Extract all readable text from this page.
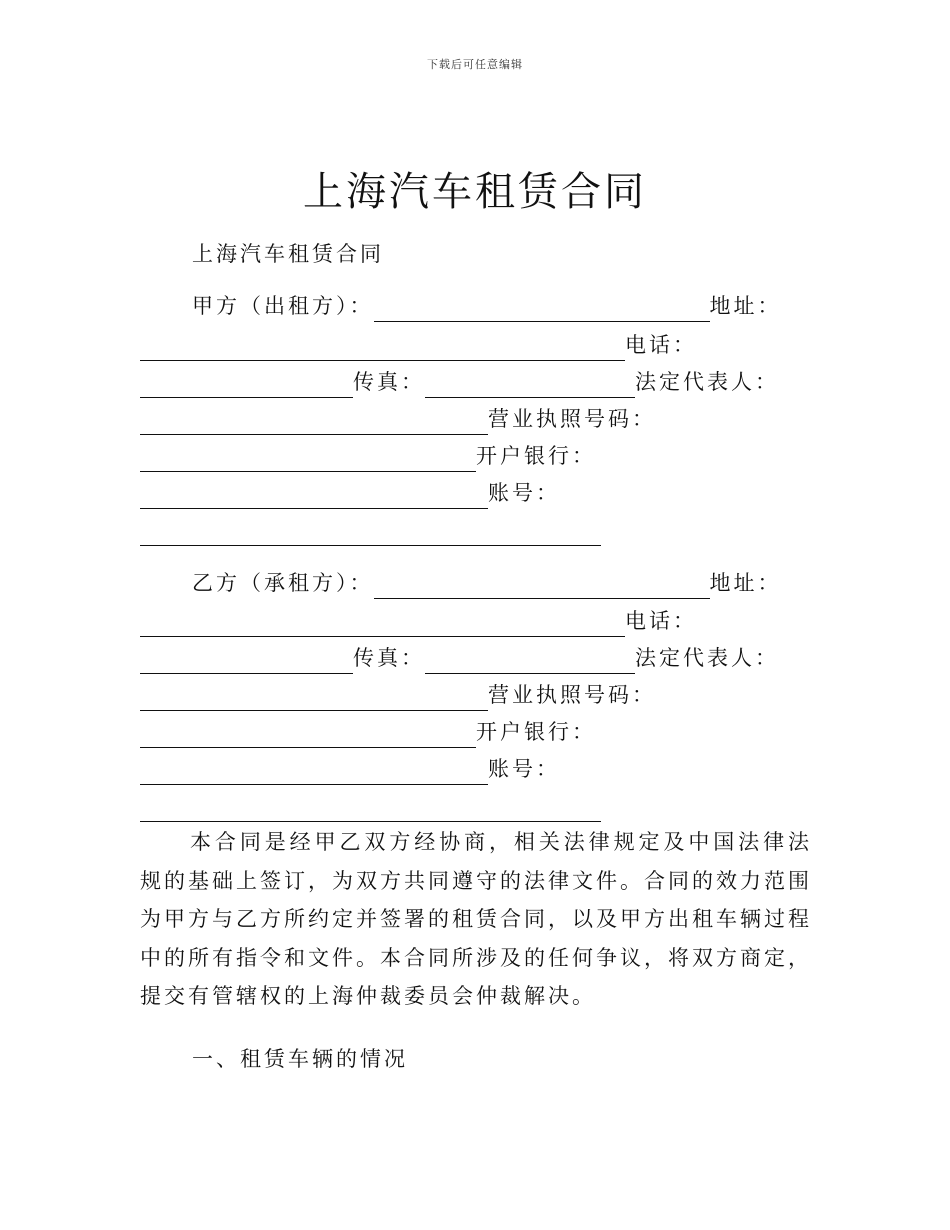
下载后可任意编辑
上海汽车租赁合同
上海汽车租赁合同
甲方（出租方）：	地址：
电话：
传真：	法定代表人：
营业执照号码：
开户银行：
账号：
乙方（承租方）：	地址：
电话：
传真：	法定代表人：
营业执照号码：
开户银行：
账号：

本合同是经甲乙双方经协商，相关法律规定及中国法律法规的基础上签订，为双方共同遵守的法律文件。合同的效力范围为甲方与乙方所约定并签署的租赁合同，以及甲方出租车辆过程中的所有指令和文件。本合同所涉及的任何争议，将双方商定，提交有管辖权的上海仲裁委员会仲裁解决。

一、租赁车辆的情况
